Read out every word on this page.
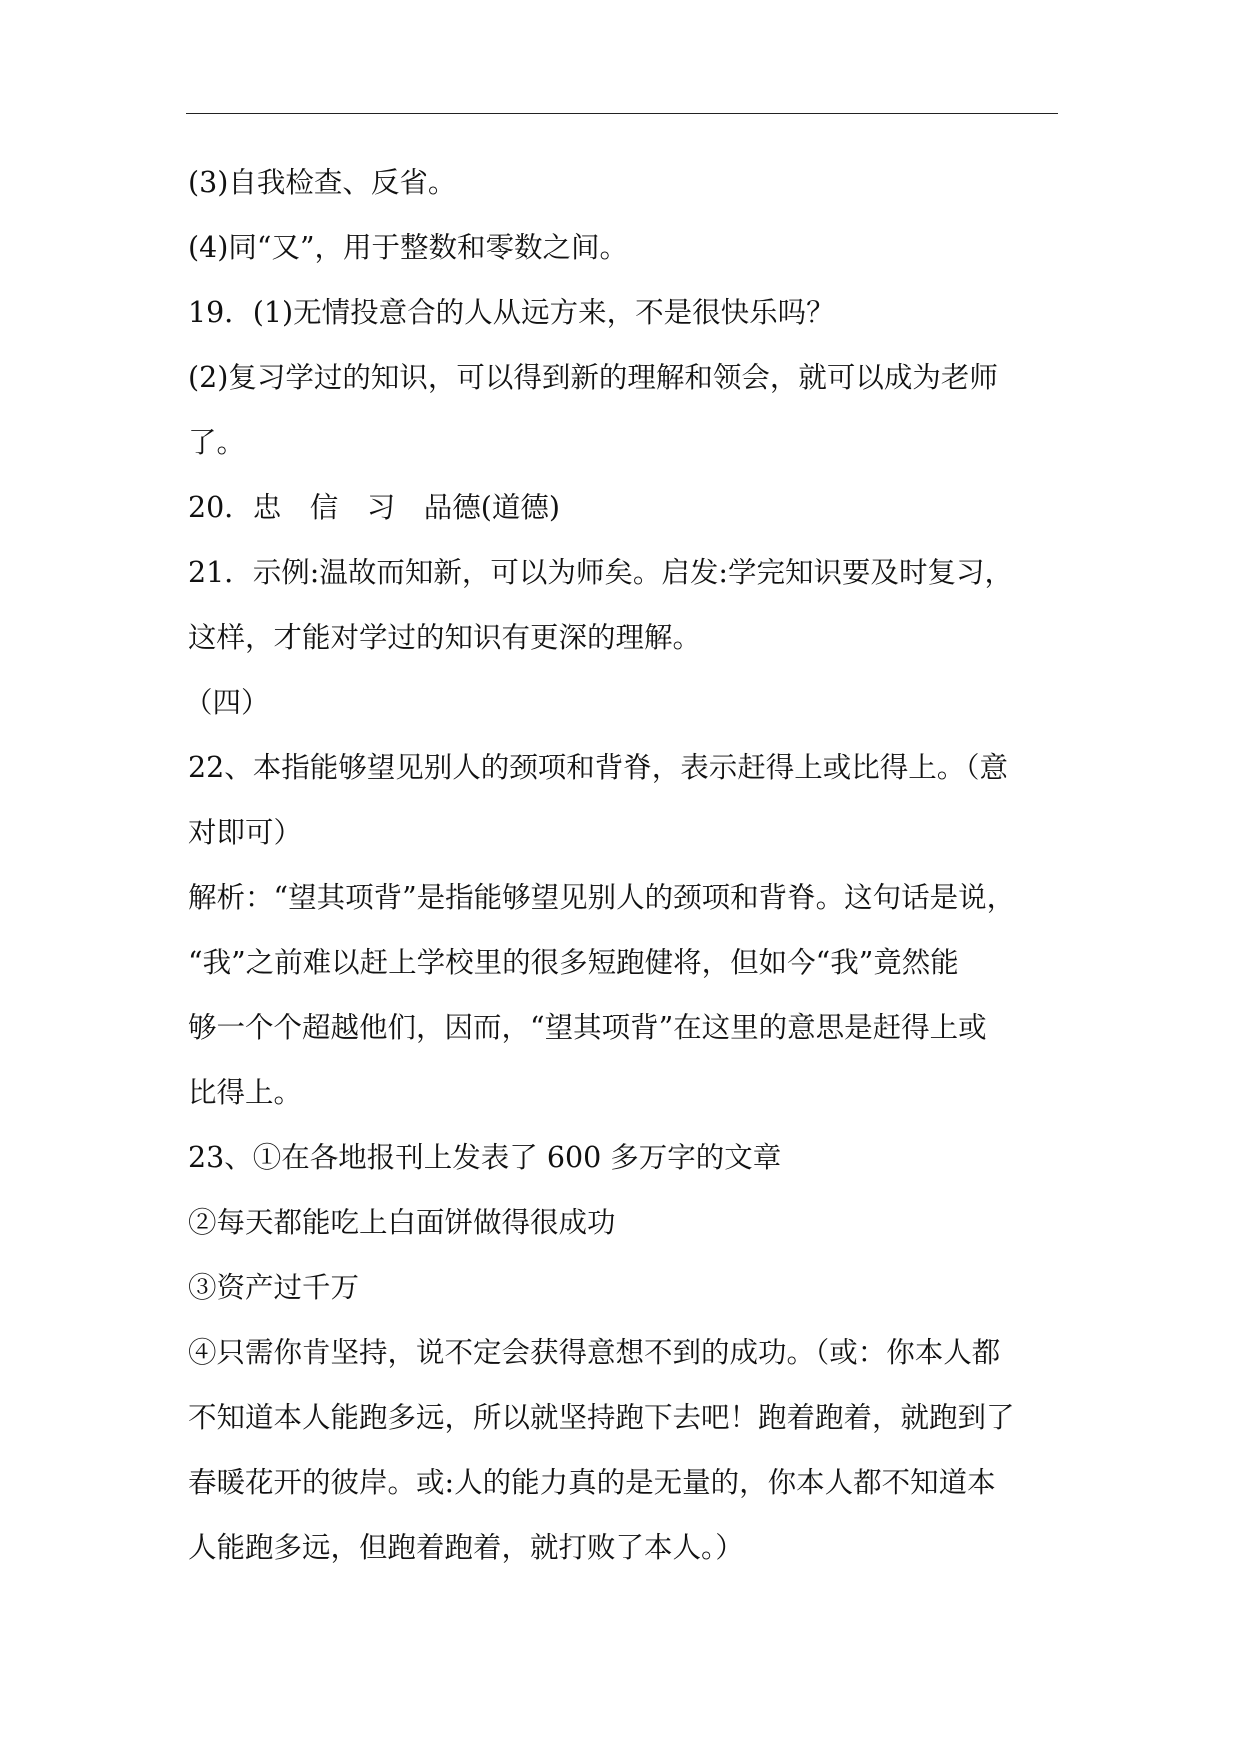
(3)自我检查、反省。
(4)同“又”，用于整数和零数之间。
19．(1)无情投意合的人从远方来，不是很快乐吗？
(2)复习学过的知识，可以得到新的理解和领会，就可以成为老师
了。
20．忠　信　习　品德(道德)
21．示例:温故而知新，可以为师矣。启发:学完知识要及时复习，
这样，才能对学过的知识有更深的理解。
（四）
22、本指能够望见别人的颈项和背脊，表示赶得上或比得上。（意
对即可）
解析：“望其项背”是指能够望见别人的颈项和背脊。这句话是说，
“我”之前难以赶上学校里的很多短跑健将，但如今“我”竟然能
够一个个超越他们，因而，“望其项背”在这里的意思是赶得上或
比得上。
23、①在各地报刊上发表了 600 多万字的文章
②每天都能吃上白面饼做得很成功
③资产过千万
④只需你肯坚持，说不定会获得意想不到的成功。（或：你本人都
不知道本人能跑多远，所以就坚持跑下去吧！跑着跑着，就跑到了
春暖花开的彼岸。或:人的能力真的是无量的，你本人都不知道本
人能跑多远，但跑着跑着，就打败了本人。）
